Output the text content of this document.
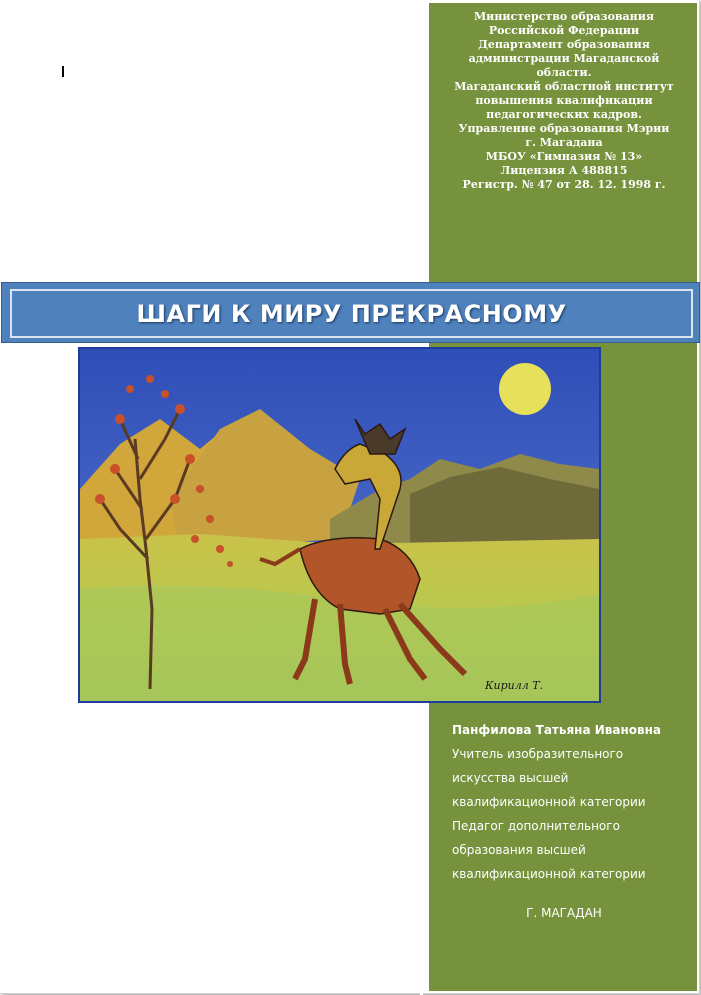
Министерство образования
Российской Федерации
Департамент образования
администрации Магаданской
области.
Магаданский областной институт
повышения квалификации
педагогических кадров.
Управление образования Мэрии
г. Магадана
МБОУ «Гимназия № 13»
Лицензия А 488815
Регистр. № 47 от 28. 12. 1998 г.
ШАГИ К МИРУ ПРЕКРАСНОМУ
Кирилл Т.
Панфилова Татьяна Ивановна
Учитель изобразительного
искусства высшей
квалификационной категории
Педагог дополнительного
образования высшей
квалификационной категории
Г. МАГАДАН
